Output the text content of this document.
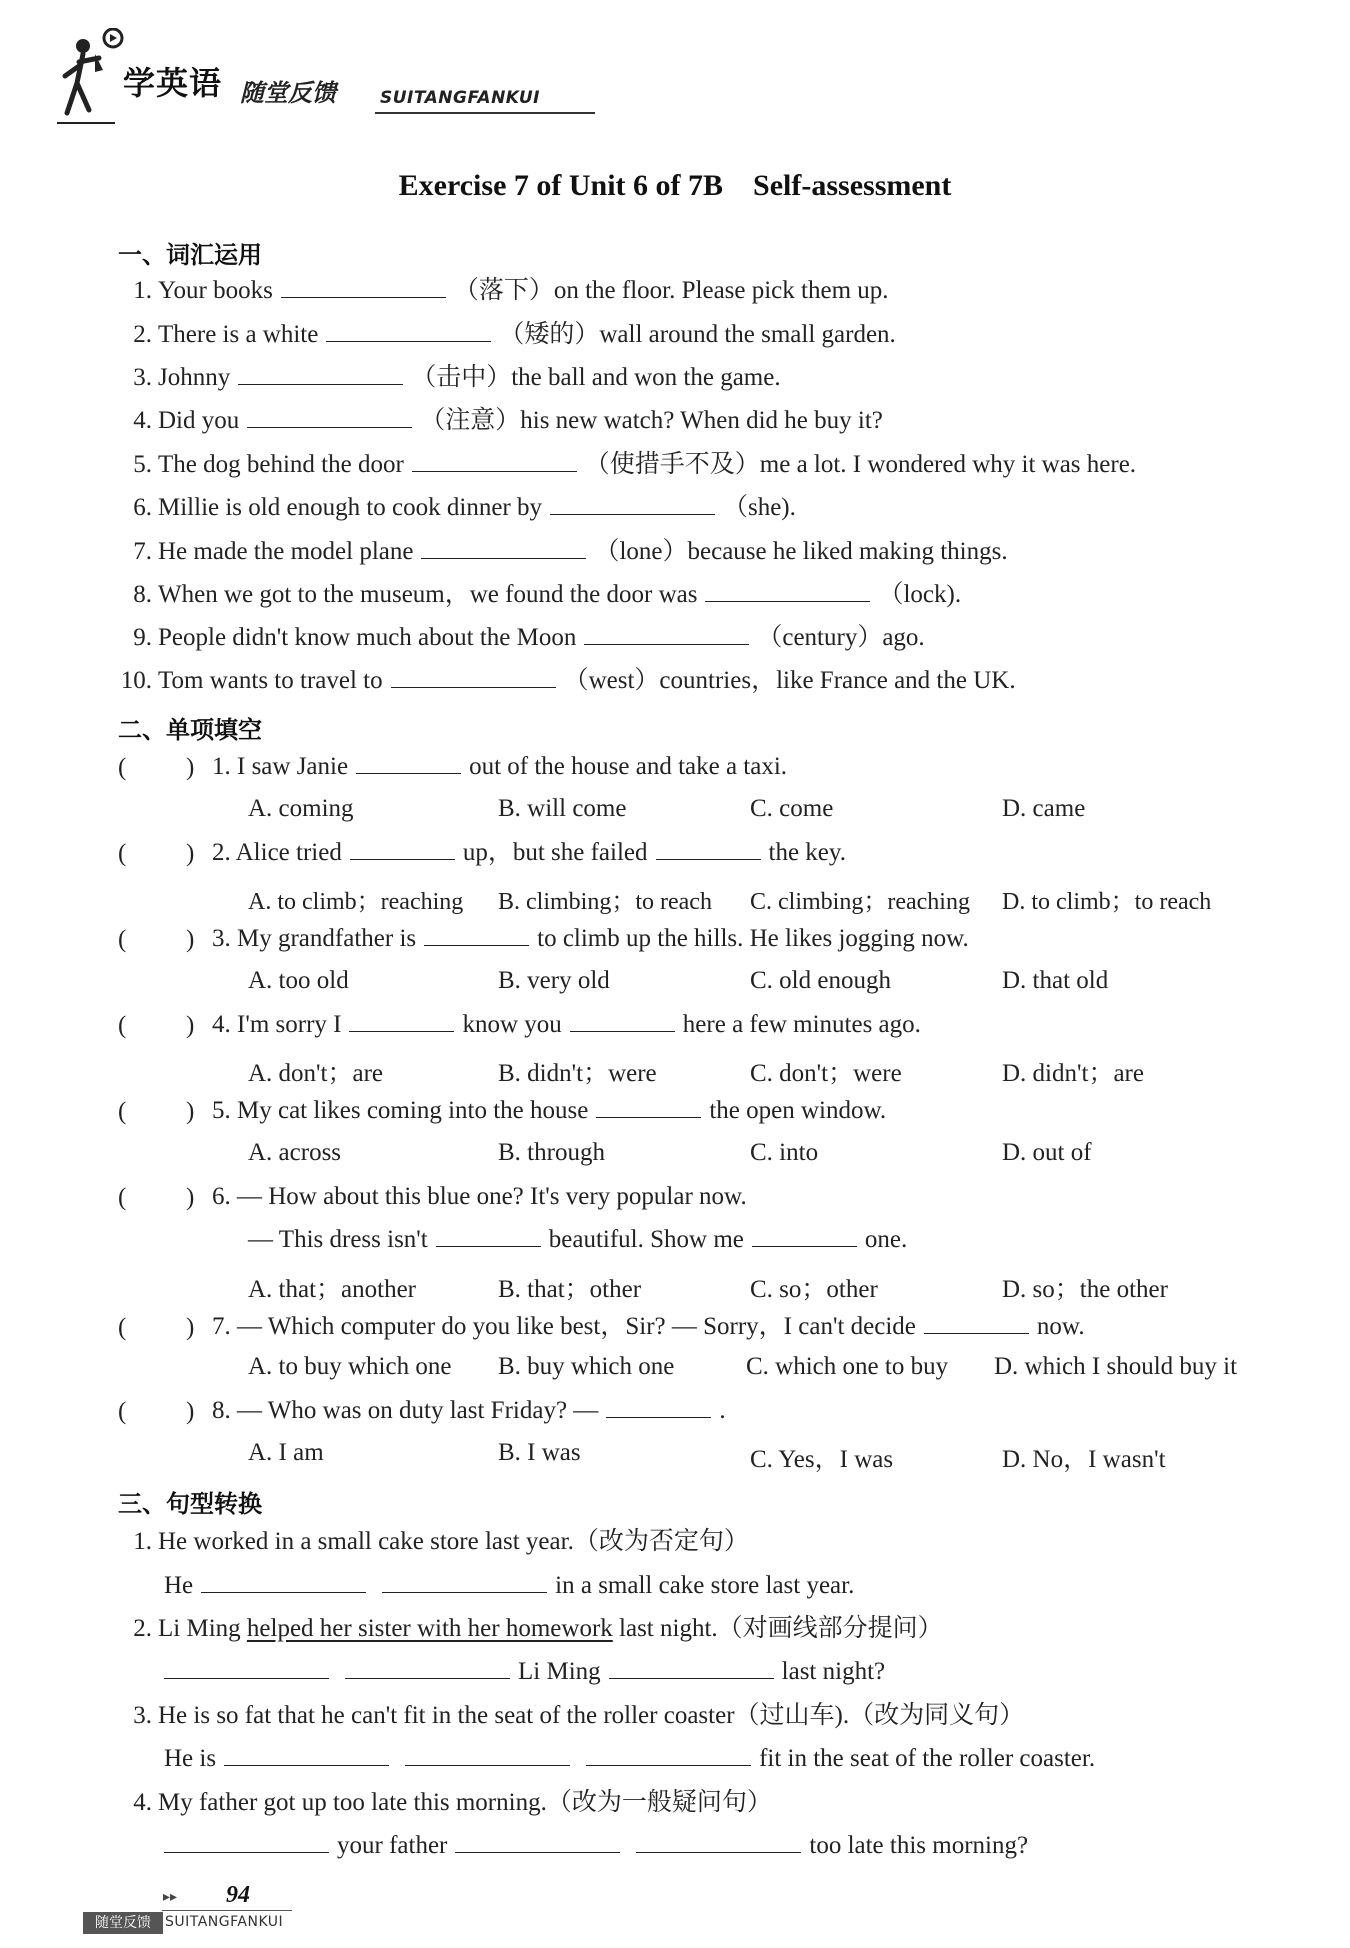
学英语 随堂反馈	SUITANGFANKUI
Exercise 7 of Unit 6 of 7B　Self-assessment
一、词汇运用
1. Your books	（落下）on the floor. Please pick them up.
2. There is a white	（矮的）wall around the small garden.
3. Johnny	（击中）the ball and won the game.
4. Did you	（注意）his new watch? When did he buy it?
5. The dog behind the door	（使措手不及）me a lot. I wondered why it was here.
6. Millie is old enough to cook dinner by	（she).
7. He made the model plane	（lone）because he liked making things.
8. When we got to the museum，we found the door was	（lock).
9. People didn't know much about the Moon	（century）ago.
10. Tom wants to travel to	（west）countries，like France and the UK.
二、单项填空
( ) 1. I saw Janie	out of the house and take a taxi.
A. coming	B. will come	C. come	D. came
( ) 2. Alice tried	up，but she failed	the key.
A. to climb；reaching B. climbing；to reach C. climbing；reaching D. to climb；to reach
( ) 3. My grandfather is	to climb up the hills. He likes jogging now.
A. too old	B. very old	C. old enough	D. that old
( ) 4. I'm sorry I	know you	here a few minutes ago.
A. don't；are	B. didn't；were	C. don't；were	D. didn't；are
( ) 5. My cat likes coming into the house	the open window.
A. across	B. through	C. into	D. out of
( ) 6. — How about this blue one? It's very popular now.
— This dress isn't	beautiful. Show me	one.
A. that；another	B. that；other	C. so；other	D. so；the other
( ) 7. — Which computer do you like best，Sir? — Sorry，I can't decide	now.
A. to buy which one B. buy which one	C. which one to buy D. which I should buy it
( ) 8. — Who was on duty last Friday? —	.
A. I am	B. I was	C. Yes，I was	D. No，I wasn't
三、句型转换
1. He worked in a small cake store last year.（改为否定句）
He	in a small cake store last year.
2. Li Ming helped her sister with her homework last night.（对画线部分提问）
Li Ming	last night?
3. He is so fat that he can't fit in the seat of the roller coaster（过山车).（改为同义句）
He is	fit in the seat of the roller coaster.
4. My father got up too late this morning.（改为一般疑问句）
your father	too late this morning?
▸▸ 94
随堂反馈	SUITANGFANKUI
